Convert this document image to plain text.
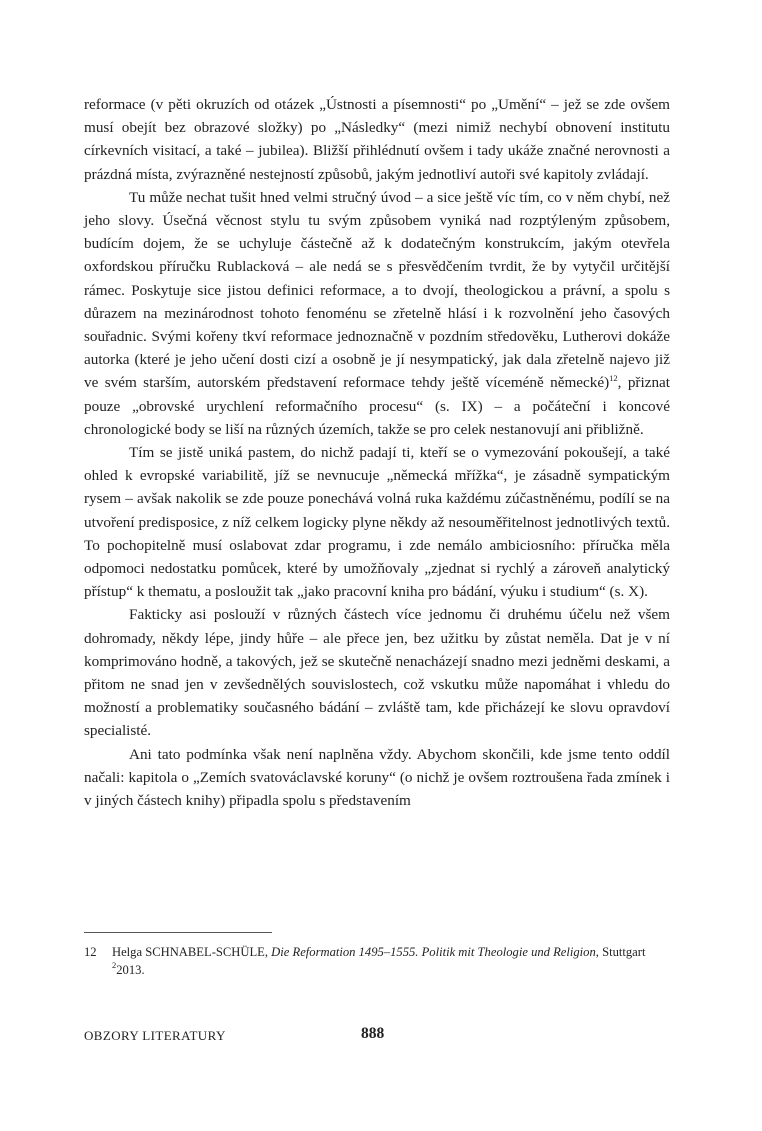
reformace (v pěti okruzích od otázek „Ústnosti a písemnosti“ po „Umění“ – jež se zde ovšem musí obejít bez obrazové složky) po „Následky“ (mezi nimiž nechybí obnovení institutu církevních visitací, a také – jubilea). Bližší přihlédnutí ovšem i tady ukáže značné nerovnosti a prázdná místa, zvýrazněné nestejností způsobů, jakým jednotliví autoři své kapitoly zvládají.

Tu může nechat tušit hned velmi stručný úvod – a sice ještě víc tím, co v něm chybí, než jeho slovy. Úsečná věcnost stylu tu svým způsobem vyniká nad rozptýleným způsobem, budícím dojem, že se uchyluje částečně až k dodatečným konstrukcím, jakým otevřela oxfordskou příručku Rublacková – ale nedá se s přesvědčením tvrdit, že by vytyčil určitější rámec. Poskytuje sice jistou definici reformace, a to dvojí, theologickou a právní, a spolu s důrazem na mezinárodnost tohoto fenoménu se zřetelně hlásí i k rozvolnění jeho časových souřadnic. Svými kořeny tkví reformace jednoznačně v pozdním středověku, Lutherovi dokáže autorka (které je jeho učení dosti cizí a osobně je jí nesympatický, jak dala zřetelně najevo již ve svém starším, autorském představení reformace tehdy ještě víceméně německé)$^{12}$, přiznat pouze „obrovské urychlení reformačního procesu“ (s. IX) – a počáteční i koncové chronologické body se liší na různých územích, takže se pro celek nestanovují ani přibližně.

Tím se jistě uniká pastem, do nichž padají ti, kteří se o vymezování pokoušejí, a také ohled k evropské variabilitě, jíž se nevnucuje „německá mřížka“, je zásadně sympatickým rysem – avšak nakolik se zde pouze ponechává volná ruka každému zúčastněnému, podílí se na utvoření predisposice, z níž celkem logicky plyne někdy až nesouměřitelnost jednotlivých textů. To pochopitelně musí oslabovat zdar programu, i zde nemálo ambiciosního: příručka měla odpomoci nedostatku pomůcek, které by umožňovaly „zjednat si rychlý a zároveň analytický přístup“ k thematu, a posloužit tak „jako pracovní kniha pro bádání, výuku i studium“ (s. X).

Fakticky asi poslouží v různých částech více jednomu či druhému účelu než všem dohromady, někdy lépe, jindy hůře – ale přece jen, bez užitku by zůstat neměla. Dat je v ní komprimováno hodně, a takových, jež se skutečně nenacházejí snadno mezi jedněmi deskami, a přitom ne snad jen v zevšednělých souvislostech, což vskutku může napomáhat i vhledu do možností a problematiky současného bádání – zvláště tam, kde přicházejí ke slovu opravdoví specialisté.

Ani tato podmínka však není naplněna vždy. Abychom skončili, kde jsme tento oddíl načali: kapitola o „Zemích svatováclavské koruny“ (o nichž je ovšem roztroušena řada zmínek i v jiných částech knihy) připadla spolu s představením

12	Helga SCHNABEL-SCHÜLE, Die Reformation 1495–1555. Politik mit Theologie und Religion, Stuttgart $^2$2013.
OBZORY LITERATURY	888
